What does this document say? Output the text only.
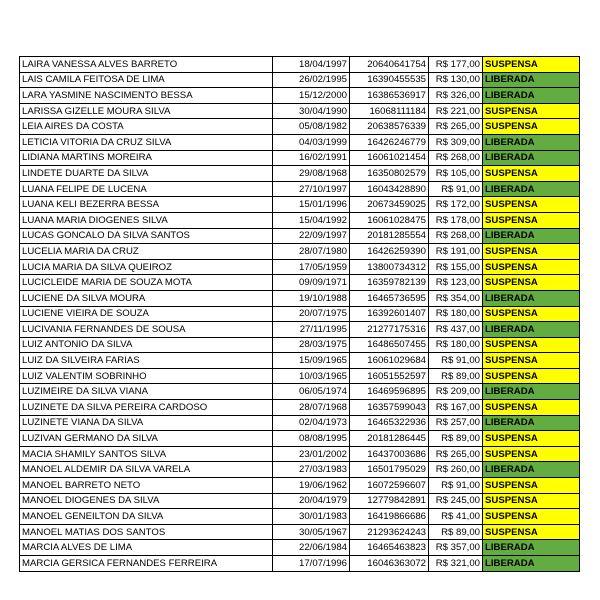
LAIRA VANESSA ALVES BARRETO	18/04/1997	20640641754	R$ 177,00	SUSPENSA
LAIS CAMILA FEITOSA DE LIMA	26/02/1995	16390455535	R$ 130,00	LIBERADA
LARA YASMINE NASCIMENTO BESSA	15/12/2000	16386536917	R$ 326,00	LIBERADA
LARISSA GIZELLE MOURA SILVA	30/04/1990	16068111184	R$ 221,00	SUSPENSA
LEIA AIRES DA COSTA	05/08/1982	20638576339	R$ 265,00	SUSPENSA
LETICIA VITORIA DA CRUZ SILVA	04/03/1999	16426246779	R$ 309,00	LIBERADA
LIDIANA MARTINS MOREIRA	16/02/1991	16061021454	R$ 268,00	LIBERADA
LINDETE DUARTE DA SILVA	29/08/1968	16350802579	R$ 105,00	SUSPENSA
LUANA FELIPE DE LUCENA	27/10/1997	16043428890	R$ 91,00	LIBERADA
LUANA KELI BEZERRA BESSA	15/01/1996	20673459025	R$ 172,00	SUSPENSA
LUANA MARIA DIOGENES SILVA	15/04/1992	16061028475	R$ 178,00	SUSPENSA
LUCAS GONCALO DA SILVA SANTOS	22/09/1997	20181285554	R$ 268,00	LIBERADA
LUCELIA MARIA DA CRUZ	28/07/1980	16426259390	R$ 191,00	SUSPENSA
LUCIA MARIA DA SILVA QUEIROZ	17/05/1959	13800734312	R$ 155,00	SUSPENSA
LUCICLEIDE MARIA DE SOUZA MOTA	09/09/1971	16359782139	R$ 123,00	SUSPENSA
LUCIENE DA SILVA MOURA	19/10/1988	16465736595	R$ 354,00	LIBERADA
LUCIENE VIEIRA DE SOUZA	20/07/1975	16392601407	R$ 180,00	SUSPENSA
LUCIVANIA FERNANDES DE SOUSA	27/11/1995	21277175316	R$ 437,00	LIBERADA
LUIZ ANTONIO DA SILVA	28/03/1975	16486507455	R$ 180,00	SUSPENSA
LUIZ DA SILVEIRA FARIAS	15/09/1965	16061029684	R$ 91,00	SUSPENSA
LUIZ VALENTIM SOBRINHO	10/03/1965	16051552597	R$ 89,00	SUSPENSA
LUZIMEIRE DA SILVA VIANA	06/05/1974	16469596895	R$ 209,00	LIBERADA
LUZINETE DA SILVA PEREIRA CARDOSO	28/07/1968	16357599043	R$ 167,00	SUSPENSA
LUZINETE VIANA DA SILVA	02/04/1973	16465322936	R$ 257,00	LIBERADA
LUZIVAN GERMANO DA SILVA	08/08/1995	20181286445	R$ 89,00	SUSPENSA
MACIA SHAMILY SANTOS SILVA	23/01/2002	16437003686	R$ 265,00	SUSPENSA
MANOEL ALDEMIR DA SILVA VARELA	27/03/1983	16501795029	R$ 260,00	LIBERADA
MANOEL BARRETO NETO	19/06/1962	16072596607	R$ 91,00	SUSPENSA
MANOEL DIOGENES DA SILVA	20/04/1979	12779842891	R$ 245,00	SUSPENSA
MANOEL GENEILTON DA SILVA	30/01/1983	16419866686	R$ 41,00	SUSPENSA
MANOEL MATIAS DOS SANTOS	30/05/1967	21293624243	R$ 89,00	SUSPENSA
MARCIA ALVES DE LIMA	22/06/1984	16465463823	R$ 357,00	LIBERADA
MARCIA GERSICA FERNANDES FERREIRA	17/07/1996	16046363072	R$ 321,00	LIBERADA
